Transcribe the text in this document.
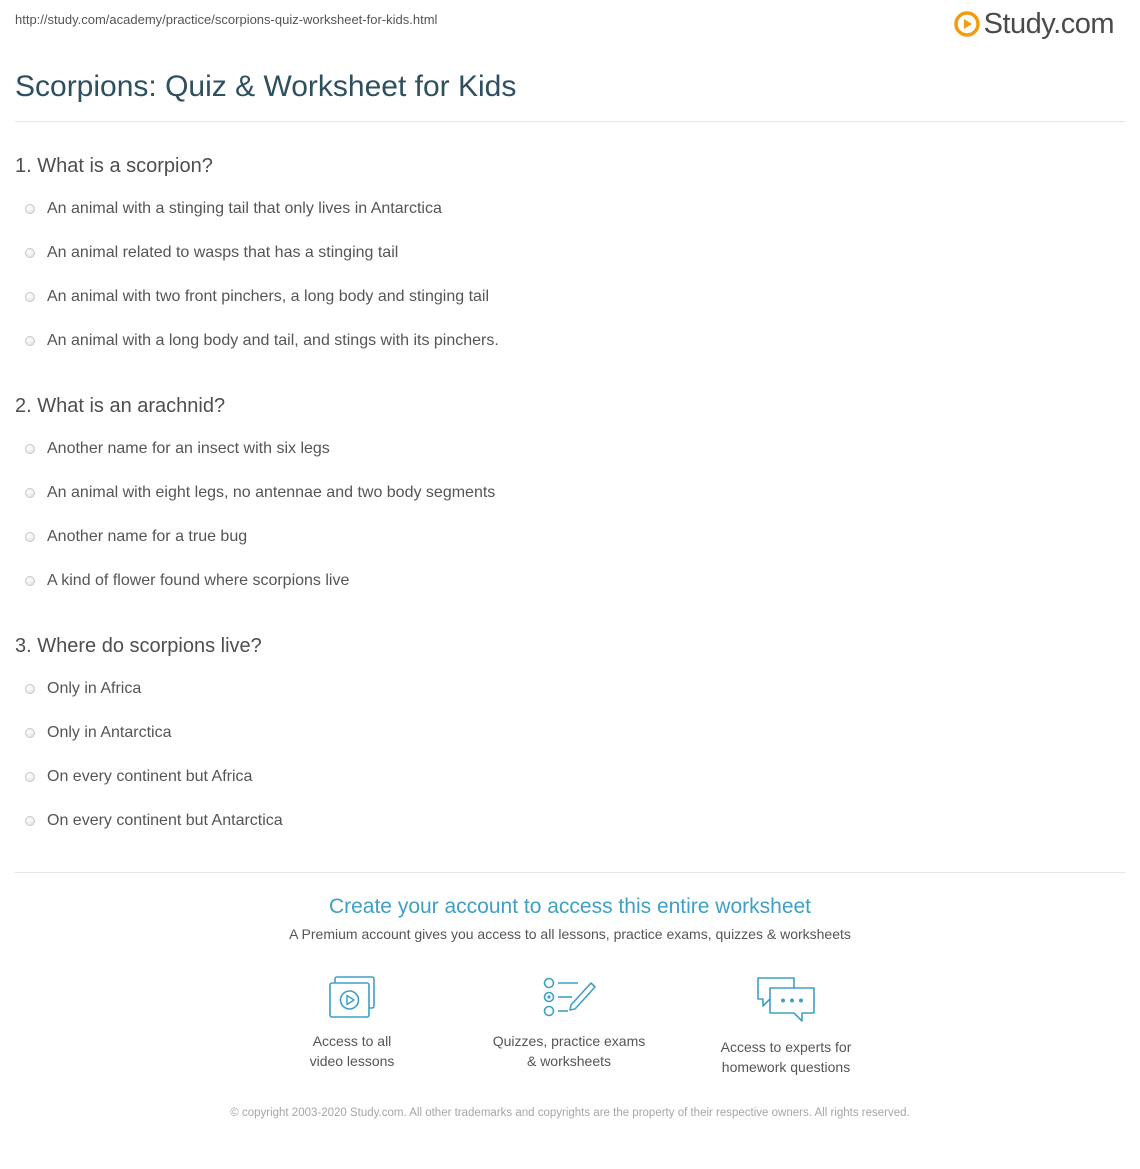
http://study.com/academy/practice/scorpions-quiz-worksheet-for-kids.html	Study.com
Scorpions: Quiz & Worksheet for Kids
1. What is a scorpion?
An animal with a stinging tail that only lives in Antarctica
An animal related to wasps that has a stinging tail
An animal with two front pinchers, a long body and stinging tail
An animal with a long body and tail, and stings with its pinchers.
2. What is an arachnid?
Another name for an insect with six legs
An animal with eight legs, no antennae and two body segments
Another name for a true bug
A kind of flower found where scorpions live
3. Where do scorpions live?
Only in Africa
Only in Antarctica
On every continent but Africa
On every continent but Antarctica
Create your account to access this entire worksheet
A Premium account gives you access to all lessons, practice exams, quizzes & worksheets
Access to all
video lessons
Quizzes, practice exams
& worksheets
Access to experts for
homework questions
© copyright 2003-2020 Study.com. All other trademarks and copyrights are the property of their respective owners. All rights reserved.
